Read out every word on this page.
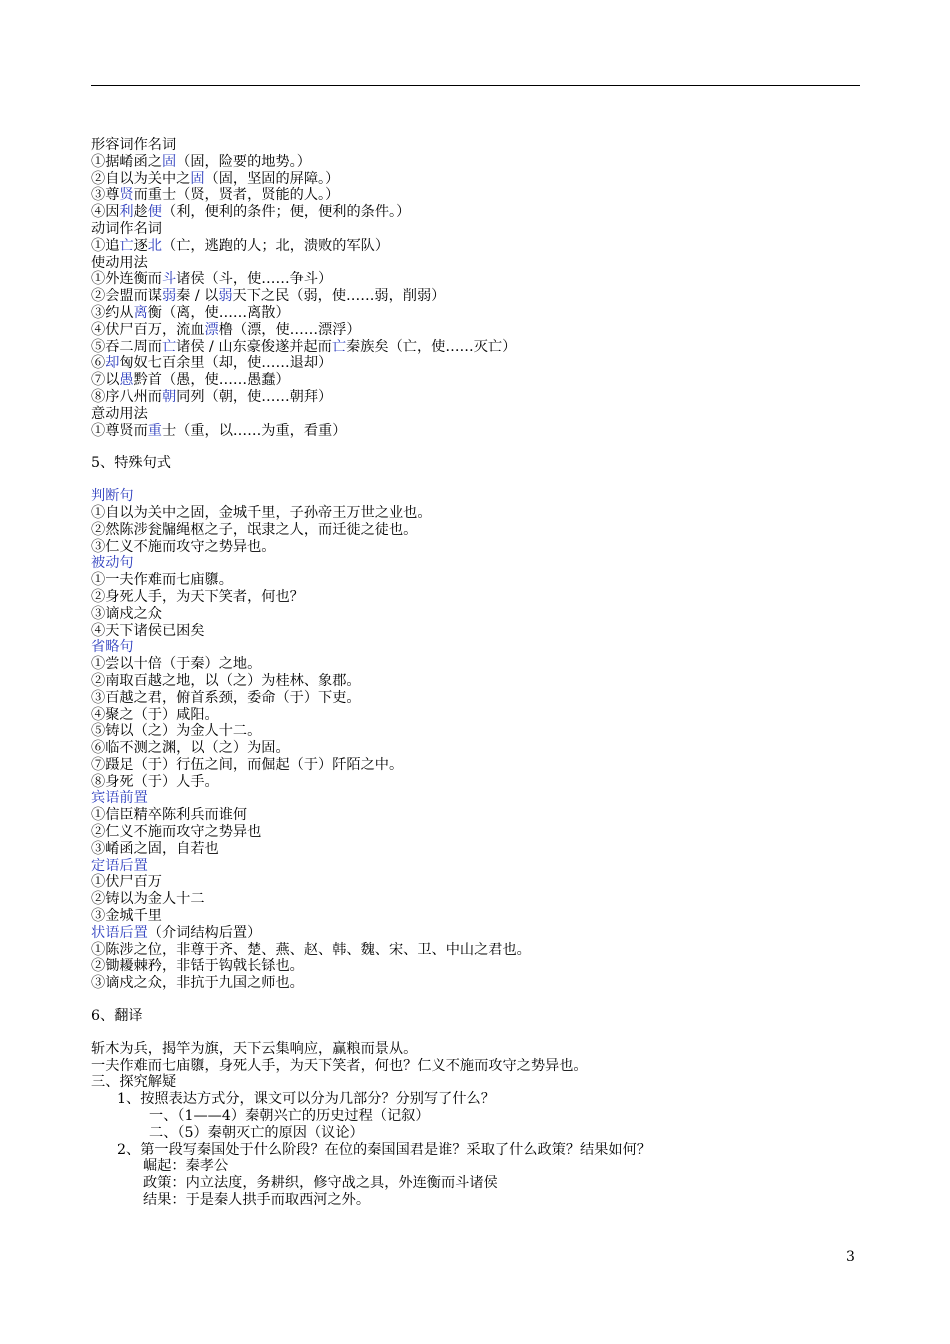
形容词作名词
①据崤函之固（固，险要的地势。）
②自以为关中之固（固，坚固的屏障。）
③尊贤而重士（贤，贤者，贤能的人。）
④因利趁便（利，便利的条件；便，便利的条件。）
动词作名词
①追亡逐北（亡，逃跑的人；北，溃败的军队）
使动用法
①外连衡而斗诸侯（斗，使……争斗）
②会盟而谋弱秦 / 以弱天下之民（弱，使……弱，削弱）
③约从离衡（离，使……离散）
④伏尸百万，流血漂橹（漂，使……漂浮）
⑤吞二周而亡诸侯 / 山东豪俊遂并起而亡秦族矣（亡，使……灭亡）
⑥却匈奴七百余里（却，使……退却）
⑦以愚黔首（愚，使……愚蠢）
⑧序八州而朝同列（朝，使……朝拜）
意动用法
①尊贤而重士（重，以……为重，看重）
5、特殊句式
判断句
①自以为关中之固，金城千里，子孙帝王万世之业也。
②然陈涉瓮牖绳枢之子，氓隶之人，而迁徙之徒也。
③仁义不施而攻守之势异也。
被动句
①一夫作难而七庙隳。
②身死人手，为天下笑者，何也？
③谪戍之众
④天下诸侯已困矣
省略句
①尝以十倍（于秦）之地。
②南取百越之地，以（之）为桂林、象郡。
③百越之君，俯首系颈，委命（于）下吏。
④聚之（于）咸阳。
⑤铸以（之）为金人十二。
⑥临不测之渊，以（之）为固。
⑦蹑足（于）行伍之间，而倔起（于）阡陌之中。
⑧身死（于）人手。
宾语前置
①信臣精卒陈利兵而谁何
②仁义不施而攻守之势异也
③崤函之固，自若也
定语后置
①伏尸百万
②铸以为金人十二
③金城千里
状语后置（介词结构后置）
①陈涉之位，非尊于齐、楚、燕、赵、韩、魏、宋、卫、中山之君也。
②锄耰棘矜，非铦于钩戟长铩也。
③谪戍之众，非抗于九国之师也。
6、翻译
斩木为兵，揭竿为旗，天下云集响应，赢粮而景从。
一夫作难而七庙隳，身死人手，为天下笑者，何也？仁义不施而攻守之势异也。
三、探究解疑
1、按照表达方式分，课文可以分为几部分？分别写了什么？
一、（1——4）秦朝兴亡的历史过程（记叙）
二、（5）秦朝灭亡的原因（议论）
2、第一段写秦国处于什么阶段？在位的秦国国君是谁？采取了什么政策？结果如何？
崛起：秦孝公
政策：内立法度，务耕织，修守战之具，外连衡而斗诸侯
结果：于是秦人拱手而取西河之外。
3
